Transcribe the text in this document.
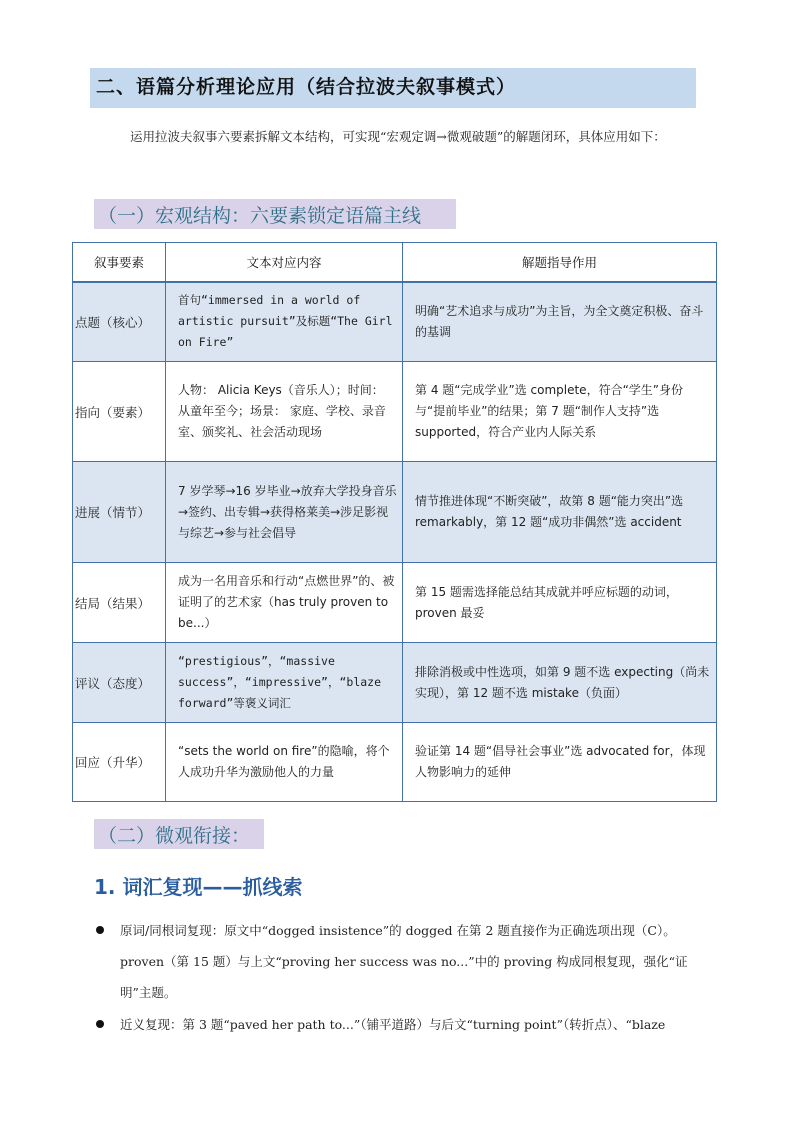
二、语篇分析理论应用（结合拉波夫叙事模式）
运用拉波夫叙事六要素拆解文本结构，可实现“宏观定调→微观破题”的解题闭环，具体应用如下：
（一）宏观结构：六要素锁定语篇主线
叙事要素	文本对应内容	解题指导作用
点题（核心）	首句“immersed in a world of artistic pursuit”及标题“The Girl on Fire”	明确“艺术追求与成功”为主旨，为全文奠定积极、奋斗的基调
指向（要素）	人物： Alicia Keys（音乐人）；时间： 从童年至今；场景： 家庭、学校、录音室、颁奖礼、社会活动现场	第 4 题“完成学业”选 complete，符合“学生”身份与“提前毕业”的结果；第 7 题“制作人支持”选 supported，符合产业内人际关系
进展（情节）	7 岁学琴→16 岁毕业→放弃大学投身音乐→签约、出专辑→获得格莱美→涉足影视与综艺→参与社会倡导	情节推进体现“不断突破”，故第 8 题“能力突出”选 remarkably，第 12 题“成功非偶然”选 accident
结局（结果）	成为一名用音乐和行动“点燃世界”的、被证明了的艺术家（has truly proven to be...）	第 15 题需选择能总结其成就并呼应标题的动词，proven 最妥
评议（态度）	“prestigious”，“massive success”，“impressive”，“blaze forward”等褒义词汇	排除消极或中性选项，如第 9 题不选 expecting（尚未实现），第 12 题不选 mistake（负面）
回应（升华）	“sets the world on fire”的隐喻，将个人成功升华为激励他人的力量	验证第 14 题“倡导社会事业”选 advocated for，体现人物影响力的延伸
（二）微观衔接：
1. 词汇复现——抓线索
原词/同根词复现：原文中“dogged insistence”的 dogged 在第 2 题直接作为正确选项出现（C）。proven（第 15 题）与上文“proving her success was no...”中的 proving 构成同根复现，强化“证明”主题。
近义复现：第 3 题“paved her path to...”（铺平道路）与后文“turning point”（转折点）、“blaze
